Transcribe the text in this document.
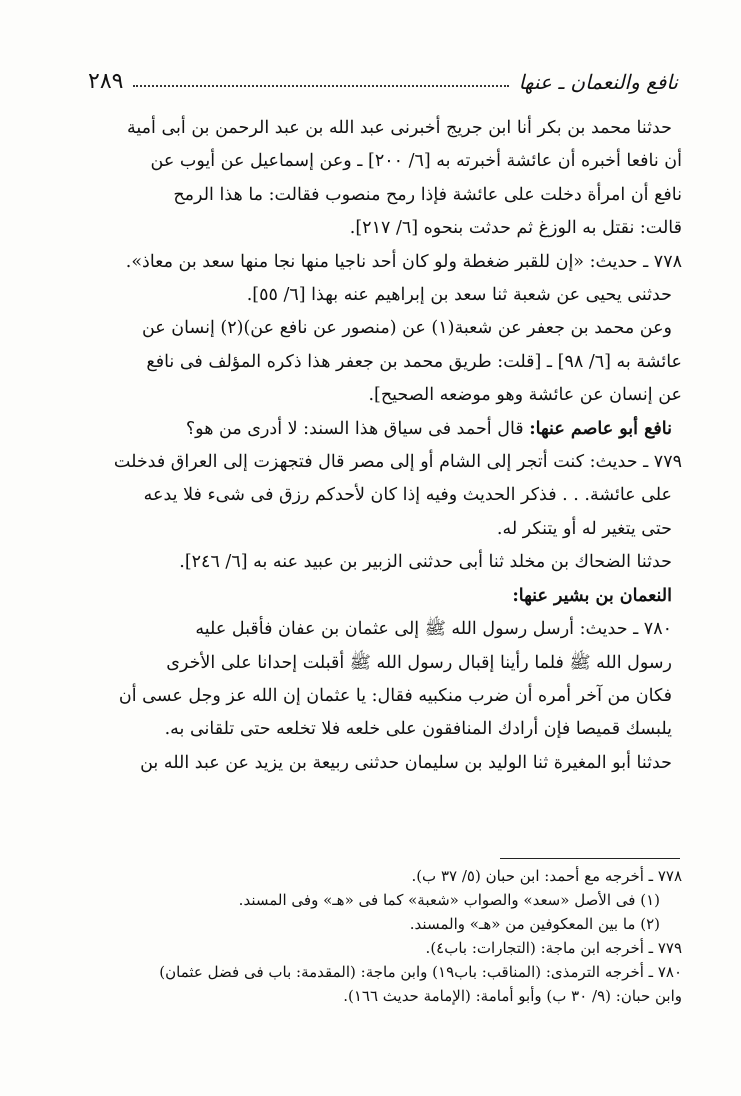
نافع والنعمان ـ عنها
٢٨٩

حدثنا محمد بن بكر أنا ابن جريج أخبرنى عبد الله بن عبد الرحمن بن أبى أمية

أن نافعا أخبره أن عائشة أخبرته به [٦/ ٢٠٠] ـ وعن إسماعيل عن أيوب عن

نافع أن امرأة دخلت على عائشة فإذا رمح منصوب فقالت: ما هذا الرمح

قالت: نقتل به الوزغ ثم حدثت بنحوه [٦/ ٢١٧].

٧٧٨ ـ حديث: «إن للقبر ضغطة ولو كان أحد ناجيا منها نجا منها سعد بن معاذ».

حدثنى يحيى عن شعبة ثنا سعد بن إبراهيم عنه بهذا [٦/ ٥٥].

وعن محمد بن جعفر عن شعبة(١) عن (منصور عن نافع عن)(٢) إنسان عن

عائشة به [٦/ ٩٨] ـ [قلت: طريق محمد بن جعفر هذا ذكره المؤلف فى نافع

عن إنسان عن عائشة وهو موضعه الصحيح].

نافع أبو عاصم عنها: قال أحمد فى سياق هذا السند: لا أدرى من هو؟

٧٧٩ ـ حديث: كنت أتجر إلى الشام أو إلى مصر قال فتجهزت إلى العراق فدخلت

على عائشة. . . فذكر الحديث وفيه إذا كان لأحدكم رزق فى شىء فلا يدعه

حتى يتغير له أو يتنكر له.

حدثنا الضحاك بن مخلد ثنا أبى حدثنى الزبير بن عبيد عنه به [٦/ ٢٤٦].

النعمان بن بشير عنها:

٧٨٠ ـ حديث: أرسل رسول الله ﷺ إلى عثمان بن عفان فأقبل عليه

رسول الله ﷺ فلما رأينا إقبال رسول الله ﷺ أقبلت إحدانا على الأخرى

فكان من آخر أمره أن ضرب منكبيه فقال: يا عثمان إن الله عز وجل عسى أن

يلبسك قميصا فإن أرادك المنافقون على خلعه فلا تخلعه حتى تلقانى به.

حدثنا أبو المغيرة ثنا الوليد بن سليمان حدثنى ربيعة بن يزيد عن عبد الله بن

٧٧٨ ـ أخرجه مع أحمد: ابن حبان (٥/ ٣٧ ب).

(١) فى الأصل «سعد» والصواب «شعبة» كما فى «هـ» وفى المسند.

(٢) ما بين المعكوفين من «هـ» والمسند.

٧٧٩ ـ أخرجه ابن ماجة: (التجارات: باب٤).

٧٨٠ ـ أخرجه الترمذى: (المناقب: باب١٩) وابن ماجة: (المقدمة: باب فى فضل عثمان)

وابن حبان: (٩/ ٣٠ ب) وأبو أمامة: (الإمامة حديث ١٦٦).
